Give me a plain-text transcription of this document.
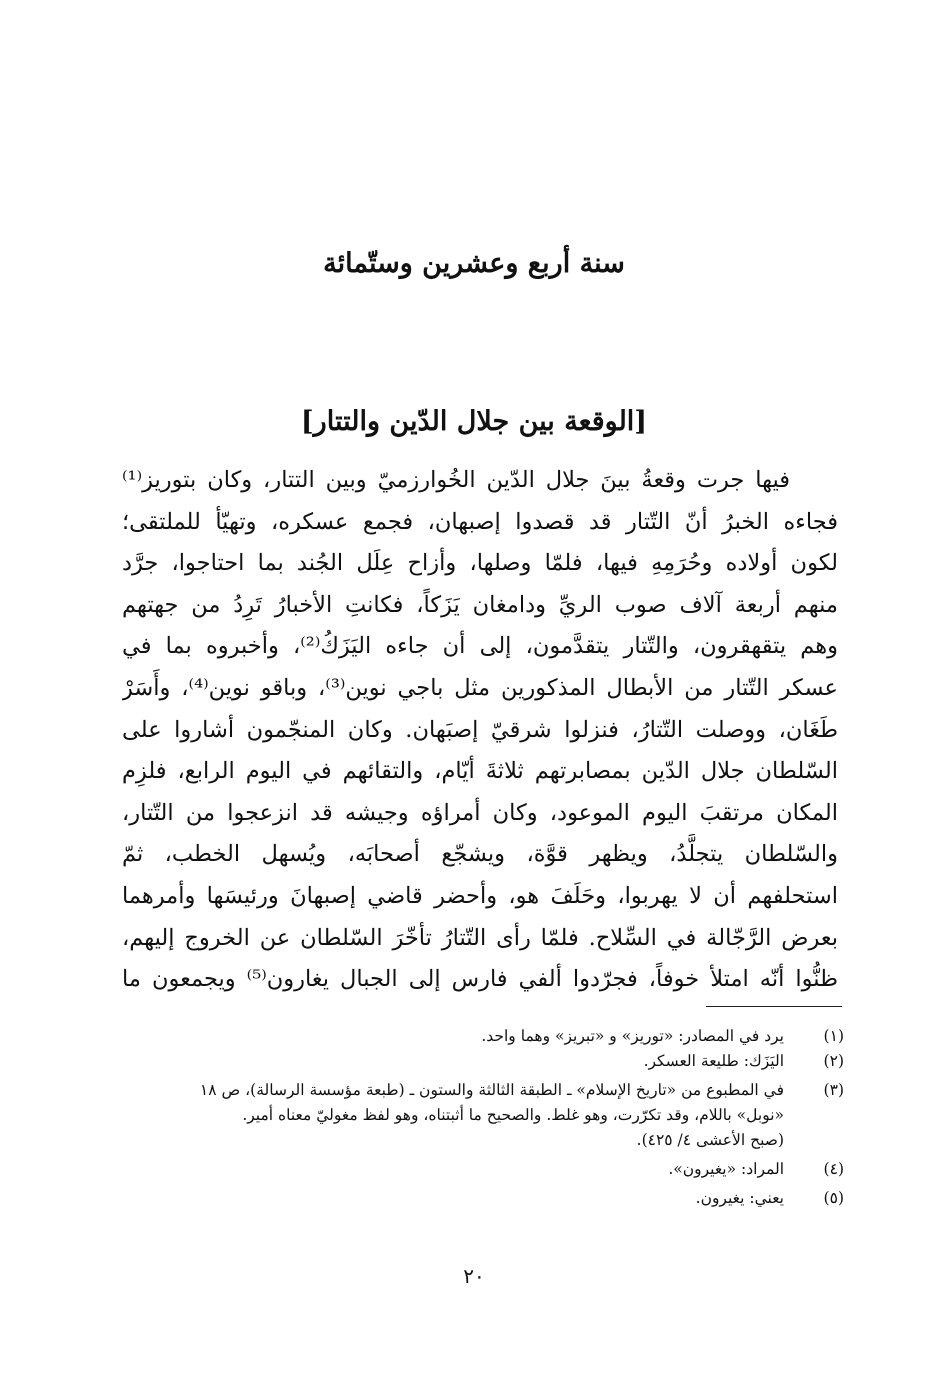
سنة أربع وعشرين وستّمائة
[الوقعة بين جلال الدّين والتتار]
فيها جرت وقعةُ بينَ جلال الدّين الخُوارزميّ وبين التتار، وكان بتوريز⁽¹⁾
فجاءه الخبرُ أنّ التّتار قد قصدوا إصبهان، فجمع عسكره، وتهيّأ للملتقى؛
لكون أولاده وحُرَمِهِ فيها، فلمّا وصلها، وأزاح عِلَل الجُند بما احتاجوا، جرَّد
منهم أربعة آلاف صوب الريِّ ودامغان يَزَكاً، فكانتِ الأخبارُ تَرِدُ من جهتهم
وهم يتقهقرون، والتّتار يتقدَّمون، إلى أن جاءه اليَزَكُ⁽²⁾، وأخبروه بما في
عسكر التّتار من الأبطال المذكورين مثل باجي نوين⁽³⁾، وباقو نوين⁽⁴⁾، وأَسَرْ
طَغَان، ووصلت التّتارُ، فنزلوا شرقيّ إصبَهان. وكان المنجّمون أشاروا على
السّلطان جلال الدّين بمصابرتهم ثلاثةَ أيّام، والتقائهم في اليوم الرابع، فلزِم
المكان مرتقبَ اليوم الموعود، وكان أمراؤه وجيشه قد انزعجوا من التّتار،
والسّلطان يتجلَّدُ، ويظهر قوَّة، ويشجّع أصحابَه، ويُسهل الخطب، ثمّ
استحلفهم أن لا يهربوا، وحَلَفَ هو، وأحضر قاضي إصبهانَ ورئيسَها وأمرهما
بعرض الرَّجّالة في السِّلاح. فلمّا رأى التّتارُ تأخّرَ السّلطان عن الخروج إليهم،
ظنُّوا أنّه امتلأ خوفاً، فجرّدوا ألفي فارس إلى الجبال يغارون⁽⁵⁾ ويجمعون ما
(١)
يرد في المصادر: «توريز» و «تبريز» وهما واحد.
(٢)
اليَزَك: طليعة العسكر.
(٣)
في المطبوع من «تاريخ الإسلام» ـ الطبقة الثالثة والستون ـ (طبعة مؤسسة الرسالة)، ص ١٨
«نوبل» باللام، وقد تكرّرت، وهو غلط. والصحيح ما أثبتناه، وهو لفظ مغوليّ معناه أمير.
(صبح الأعشى ٤/ ٤٢٥).
(٤)
المراد: «يغيرون».
(٥)
يعني: يغيرون.
٢٠
